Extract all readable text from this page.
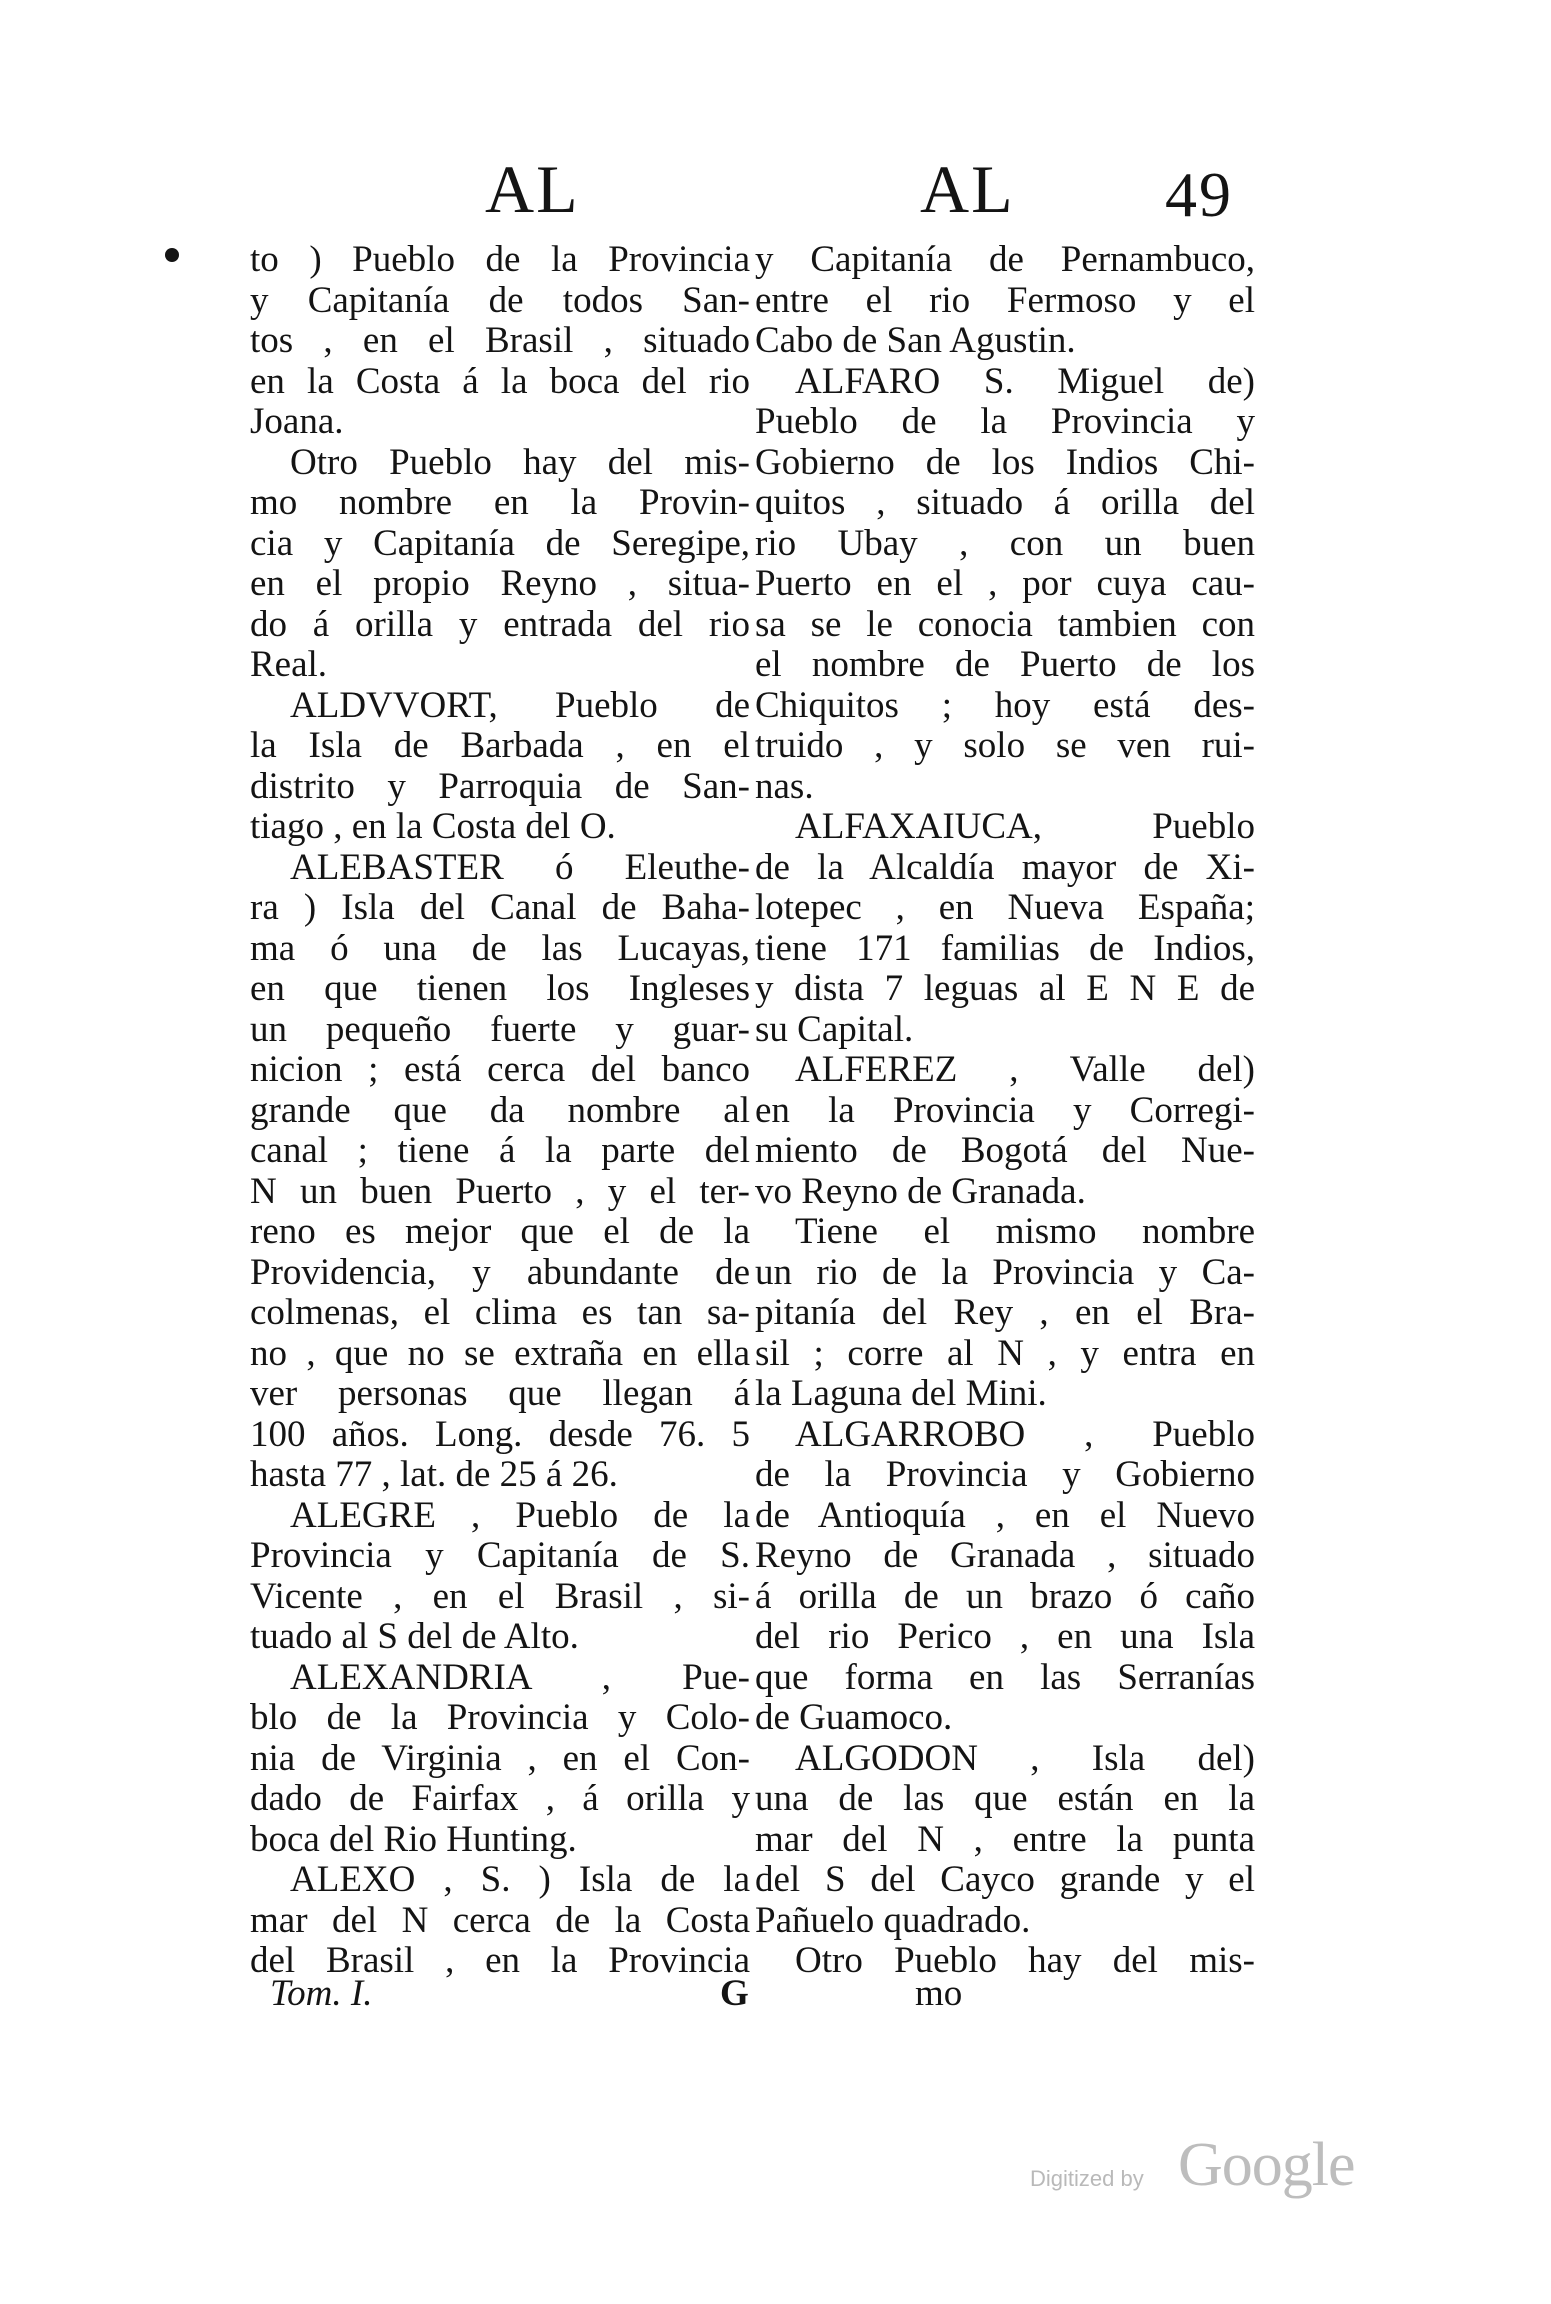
AL	AL 49
to ) Pueblo de la Provincia
y Capitanía de todos San-
tos , en el Brasil , situado
en la Costa á la boca del rio
Joana.
Otro Pueblo hay del mis-
mo nombre en la Provin-
cia y Capitanía de Seregipe,
en el propio Reyno , situa-
do á orilla y entrada del rio
Real.
ALDVVORT, Pueblo de
la Isla de Barbada , en el
distrito y Parroquia de San-
tiago , en la Costa del O.
ALEBASTER ó Eleuthe-
ra ) Isla del Canal de Baha-
ma ó una de las Lucayas,
en que tienen los Ingleses
un pequeño fuerte y guar-
nicion ; está cerca del banco
grande que da nombre al
canal ; tiene á la parte del
N un buen Puerto , y el ter-
reno es mejor que el de la
Providencia, y abundante de
colmenas, el clima es tan sa-
no , que no se extraña en ella
ver personas que llegan á
100 años. Long. desde 76. 5
hasta 77 , lat. de 25 á 26.
ALEGRE , Pueblo de la
Provincia y Capitanía de S.
Vicente , en el Brasil , si-
tuado al S del de Alto.
ALEXANDRIA , Pue-
blo de la Provincia y Colo-
nia de Virginia , en el Con-
dado de Fairfax , á orilla y
boca del Rio Hunting.
ALEXO , S. ) Isla de la
mar del N cerca de la Costa
del Brasil , en la Provincia
y Capitanía de Pernambuco,
entre el rio Fermoso y el
Cabo de San Agustin.
ALFARO S. Miguel de)
Pueblo de la Provincia y
Gobierno de los Indios Chi-
quitos , situado á orilla del
rio Ubay , con un buen
Puerto en el , por cuya cau-
sa se le conocia tambien con
el nombre de Puerto de los
Chiquitos ; hoy está des-
truido , y solo se ven rui-
nas.
ALFAXAIUCA, Pueblo
de la Alcaldía mayor de Xi-
lotepec , en Nueva España;
tiene 171 familias de Indios,
y dista 7 leguas al E N E de
su Capital.
ALFEREZ , Valle del)
en la Provincia y Corregi-
miento de Bogotá del Nue-
vo Reyno de Granada.
Tiene el mismo nombre
un rio de la Provincia y Ca-
pitanía del Rey , en el Bra-
sil ; corre al N , y entra en
la Laguna del Mini.
ALGARROBO , Pueblo
de la Provincia y Gobierno
de Antioquía , en el Nuevo
Reyno de Granada , situado
á orilla de un brazo ó caño
del rio Perico , en una Isla
que forma en las Serranías
de Guamoco.
ALGODON , Isla del)
una de las que están en la
mar del N , entre la punta
del S del Cayco grande y el
Pañuelo quadrado.
Otro Pueblo hay del mis-
Tom. I.	G	mo
Digitized by Google
